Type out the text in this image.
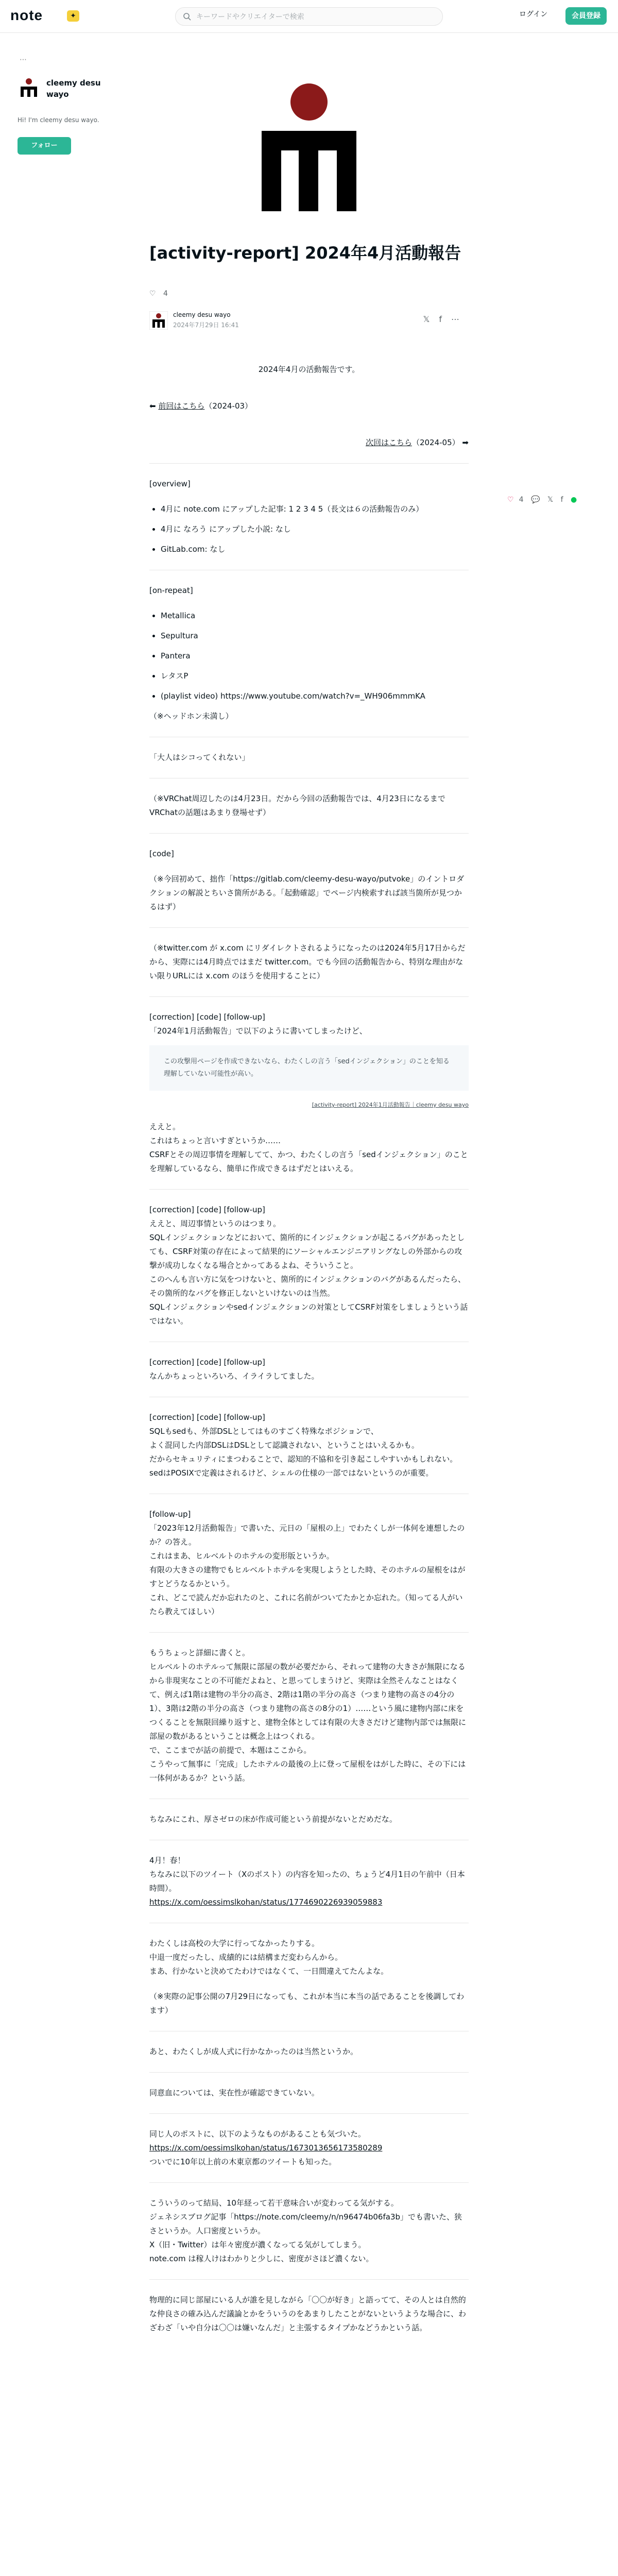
note	✦
キーワードやクリエイターで検索	ログイン	会員登録
⋯
cleemy desu wayo
Hi! I'm cleemy desu wayo.
フォロー
[activity-report] 2024年4月活動報告
♡ 4
cleemy desu wayo
2024年7月29日 16:41
𝕏f⋯

2024年4月の活動報告です。

⬅ 前回はこちら（2024-03）

次回はこちら（2024-05） ➡

[overview]

• 4月に note.com にアップした記事: 1 2 3 4 5（長文は６の活動報告のみ）
• 4月に なろう にアップした小説: なし
• GitLab.com: なし

[on-repeat]

• Metallica
• Sepultura
• Pantera
• レタスP
• (playlist video) https://www.youtube.com/watch?v=_WH906mmmKA

（※ヘッドホン未満し）

「大人はシコってくれない」

（※VRChat周辺したのは4月23日。だから今回の活動報告では、4月23日になるまでVRChatの話題はあまり登場せず）

[code]

（※今回初めて、拙作「https://gitlab.com/cleemy-desu-wayo/putvoke」のイントロダクションの解説とちいさ箇所がある。「起動確認」でページ内検索すれば該当箇所が見つかるはず）

（※twitter.com が x.com にリダイレクトされるようになったのは2024年5月17日からだから、実際には4月時点ではまだ twitter.com。でも今回の活動報告から、特別な理由がない限りURLには x.com のほうを使用することに）

[correction] [code] [follow-up]

「2024年1月活動報告」で以下のように書いてしまったけど、

この攻撃用ページを作成できないなら、わたくしの言う「sedインジェクション」のことを知る理解していない可能性が高い。
[activity-report] 2024年1月活動報告｜cleemy desu wayo

ええと。
これはちょっと言いすぎというか……
CSRFとその周辺事情を理解してて、かつ、わたくしの言う「sedインジェクション」のことを理解しているなら、簡単に作成できるはずだとはいえる。

[correction] [code] [follow-up]

ええと、周辺事情というのはつまり。
SQLインジェクションなどにおいて、箇所的にインジェクションが起こるバグがあったとしても、CSRF対策の存在によって結果的にソーシャルエンジニアリングなしの外部からの攻撃が成功しなくなる場合とかってあるよね、そういうこと。
このへんも言い方に気をつけないと、箇所的にインジェクションのバグがあるんだったら、その箇所的なバグを修正しないといけないのは当然。
SQLインジェクションやsedインジェクションの対策としてCSRF対策をしましょうという話ではない。

[correction] [code] [follow-up]

なんかちょっといろいろ、イライラしてました。

[correction] [code] [follow-up]

SQLもsedも、外部DSLとしてはものすごく特殊なポジションで、
よく混同した内部DSLはDSLとして認識されない、ということはいえるかも。
だからセキュリティにまつわることで、認知的不協和を引き起こしやすいかもしれない。
sedはPOSIXで定義はされるけど、シェルの仕様の一部ではないというのが重要。

[follow-up]

「2023年12月活動報告」で書いた、元日の「屋根の上」でわたくしが一体何を連想したのか？の答え。
これはまあ、ヒルベルトのホテルの変形版というか。
有限の大きさの建物でもヒルベルトホテルを実現しようとした時、そのホテルの屋根をはがすとどうなるかという。
これ、どこで読んだか忘れたのと、これに名前がついてたかとか忘れた。（知ってる人がいたら教えてほしい）

もうちょっと詳細に書くと。
ヒルベルトのホテルって無限に部屋の数が必要だから、それって建物の大きさが無限になるから非現実なことの不可能だよねと、と思ってしまうけど、実際は全然そんなことはなくて、例えば1階は建物の半分の高さ、2階は1階の半分の高さ（つまり建物の高さの4分の1）、3階は2階の半分の高さ（つまり建物の高さの8分の1）……という風に建物内部に床をつくることを無限回繰り返すと、建物全体としては有限の大きさだけど建物内部では無限に部屋の数があるということは概念上はつくれる。
で、ここまでが話の前提で、本題はここから。
こうやって無事に「完成」したホテルの最後の上に登って屋根をはがした時に、その下には一体何があるか？という話。

ちなみにこれ、厚さゼロの床が作成可能という前提がないとだめだな。

4月！春！
ちなみに以下のツイート（Xのポスト）の内容を知ったの、ちょうど4月1日の午前中（日本時間）。

https://x.com/oessimslkohan/status/1774690226939059883

わたくしは高校の大学に行ってなかったりする。
中退一度だったし、成績的には結構まだ変わらんから。
まあ、行かないと決めてたわけではなくて、一日間違えてたんよな。

（※実際の記事公開の7月29日になっても、これが本当に本当の話であることを後調してわます）

あと、わたくしが成人式に行かなかったのは当然というか。

同意血については、実在性が確認できていない。

同じ人のポストに、以下のようなものがあることも気づいた。

https://x.com/oessimslkohan/status/1673013656173580289

ついでに10年以上前の木東京都のツイートも知った。

こういうのって結局、10年経って若干意味合いが変わってる気がする。
ジェネシスブログ記事「https://note.com/cleemy/n/n96474b06fa3b」でも書いた、狭さというか。人口密度というか。
X（旧・Twitter）は年々密度が濃くなってる気がしてしまう。
note.com は稼人けはわかりと少しに、密度がさほど濃くない。

物理的に同じ部屋にいる人が誰を見しながら「〇〇が好き」と語ってて、その人とは自然的な仲良さの確み込んだ議論とかをういうのをあまりしたことがないというような場合に、わざわざ「いや自分は〇〇は嫌いなんだ」と主張するタイプかなどうかという話。

♡ 4 💬 𝕏 f ●
